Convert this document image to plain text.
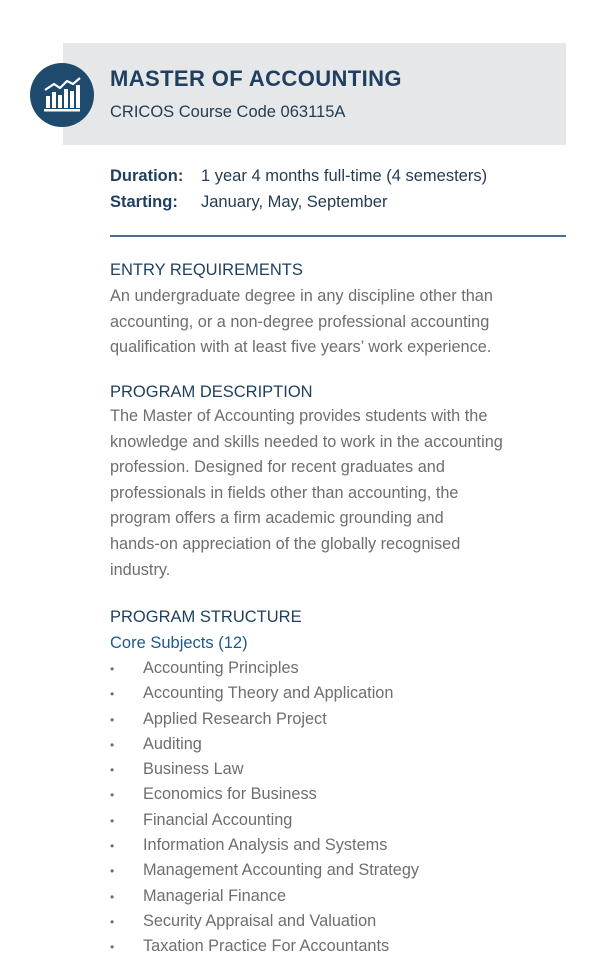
MASTER OF ACCOUNTING
CRICOS Course Code 063115A
Duration: 1 year 4 months full-time (4 semesters)
Starting: January, May, September
ENTRY REQUIREMENTS
An undergraduate degree in any discipline other than
accounting, or a non-degree professional accounting
qualification with at least five years’ work experience.
PROGRAM DESCRIPTION
The Master of Accounting provides students with the
knowledge and skills needed to work in the accounting
profession. Designed for recent graduates and
professionals in fields other than accounting, the
program offers a firm academic grounding and
hands-on appreciation of the globally recognised
industry.
PROGRAM STRUCTURE
Core Subjects (12)
• Accounting Principles
• Accounting Theory and Application
• Applied Research Project
• Auditing
• Business Law
• Economics for Business
• Financial Accounting
• Information Analysis and Systems
• Management Accounting and Strategy
• Managerial Finance
• Security Appraisal and Valuation
• Taxation Practice For Accountants
